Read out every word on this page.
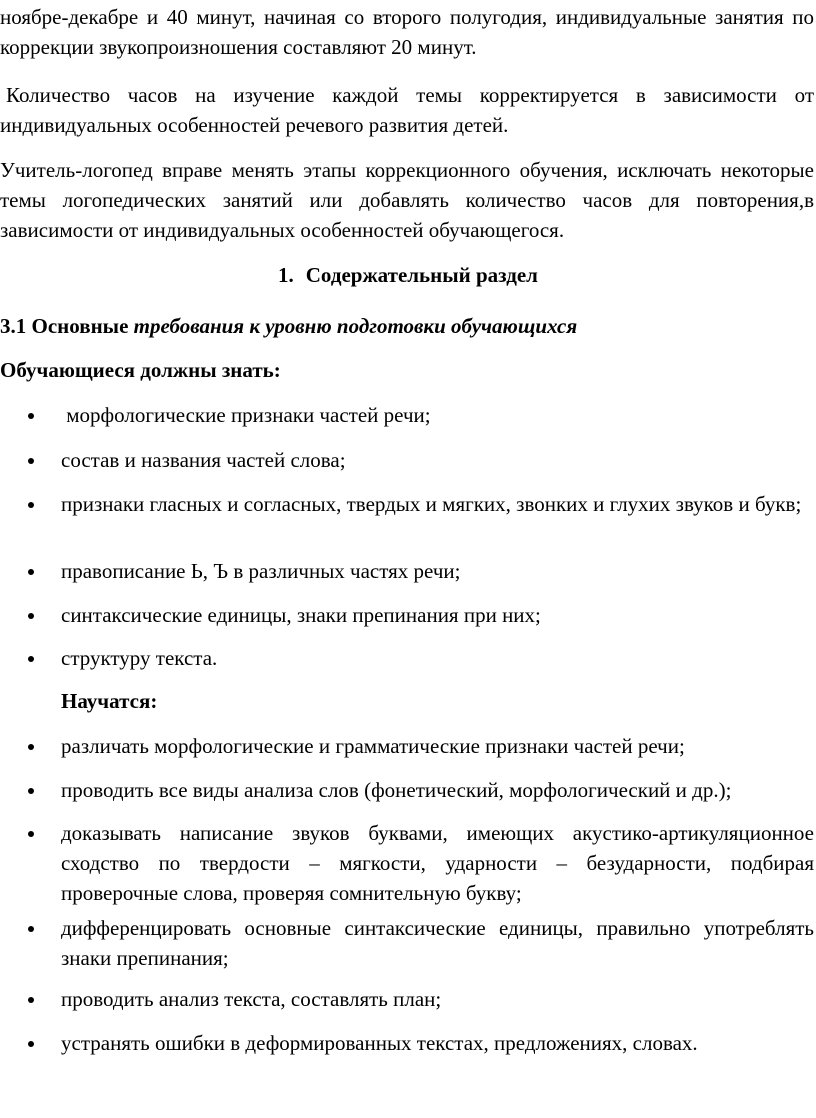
ноябре-декабре и 40 минут, начиная со второго полугодия, индивидуальные занятия по коррекции звукопроизношения составляют 20 минут.

Количество часов на изучение каждой темы корректируется в зависимости от индивидуальных особенностей речевого развития детей.

Учитель-логопед вправе менять этапы коррекционного обучения, исключать некоторые темы логопедических занятий или добавлять количество часов для повторения,в зависимости от индивидуальных особенностей обучающегося.

1. Содержательный раздел

3.1 Основные требования к уровню подготовки обучающихся

Обучающиеся должны знать:

морфологические признаки частей речи;
состав и названия частей слова;
признаки гласных и согласных, твердых и мягких, звонких и глухих звуков и букв;
правописание Ь, Ъ в различных частях речи;
синтаксические единицы, знаки препинания при них;
структуру текста.

Научатся:

различать морфологические и грамматические признаки частей речи;
проводить все виды анализа слов (фонетический, морфологический и др.);
доказывать написание звуков буквами, имеющих акустико-артикуляционное сходство по твердости – мягкости, ударности – безударности, подбирая проверочные слова, проверяя сомнительную букву;
дифференцировать основные синтаксические единицы, правильно употреблять знаки препинания;
проводить анализ текста, составлять план;
устранять ошибки в деформированных текстах, предложениях, словах.
